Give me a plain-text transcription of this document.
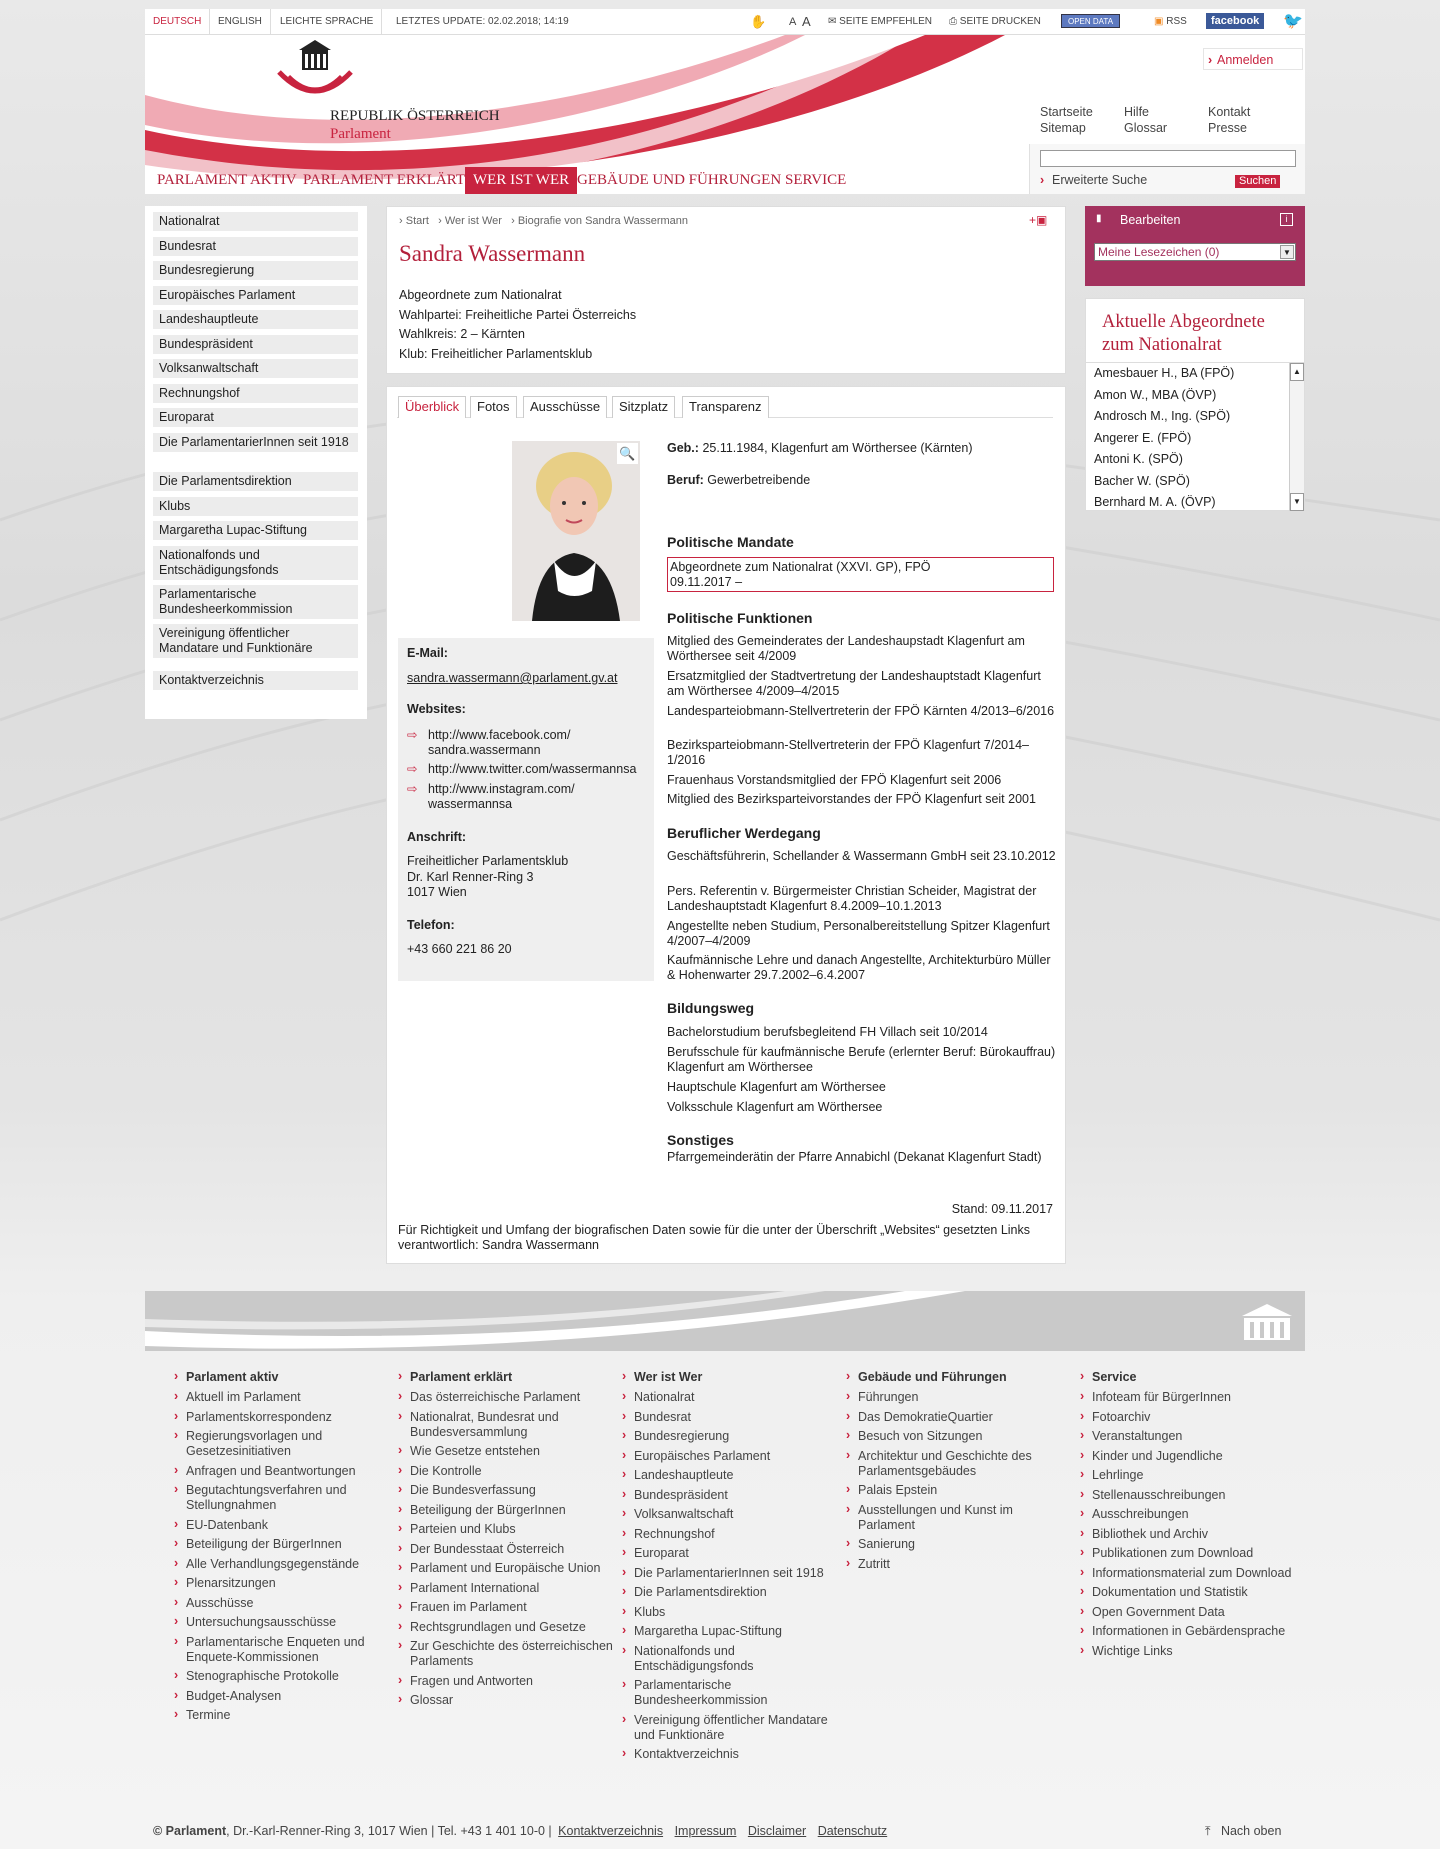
DEUTSCH	ENGLISH	LEICHTE SPRACHE	LETZTES UPDATE: 02.02.2018; 14:19	✋ A A ✉ SEITE EMPFEHLEN ⎙ SEITE DRUCKEN	OPEN DATA	▣ RSS	facebook	🐦
REPUBLIK ÖSTERREICH
Parlament
› Anmelden
Startseite
Sitemap
Hilfe
Glossar
Kontakt
Presse
› Erweiterte Suche	Suchen
PARLAMENT AKTIV PARLAMENT ERKLÄRT WER IST WER GEBÄUDE UND FÜHRUNGEN SERVICE
Nationalrat
Bundesrat
Bundesregierung
Europäisches Parlament
Landeshauptleute
Bundespräsident
Volksanwaltschaft
Rechnungshof
Europarat
Die ParlamentarierInnen seit 1918
Die Parlamentsdirektion
Klubs
Margaretha Lupac-Stiftung
Nationalfonds und Entschädigungsfonds
Parlamentarische Bundesheerkommission
Vereinigung öffentlicher Mandatare und Funktionäre
Kontaktverzeichnis
› Start › Wer ist Wer › Biografie von Sandra Wassermann	+▣
Sandra Wassermann
Abgeordnete zum Nationalrat
Wahlpartei: Freiheitliche Partei Österreichs
Wahlkreis: 2 – Kärnten
Klub: Freiheitlicher Parlamentsklub
Überblick	Fotos	Ausschüsse	Sitzplatz	Transparenz
🔍
E-Mail:
sandra.wassermann@parlament.gv.at
Websites:
⇨ http://www.facebook.com/

sandra.wassermann
⇨ http://www.twitter.com/wassermannsa
⇨ http://www.instagram.com/

wassermannsa
Anschrift:
Freiheitlicher Parlamentsklub
Dr. Karl Renner-Ring 3
1017 Wien
Telefon:
+43 660 221 86 20
Geb.: 25.11.1984, Klagenfurt am Wörthersee (Kärnten)
Beruf: Gewerbetreibende
Politische Mandate
Abgeordnete zum Nationalrat (XXVI. GP), FPÖ
09.11.2017 –
Politische Funktionen
Mitglied des Gemeinderates der Landeshaupstadt Klagenfurt am Wörthersee seit 4/2009
Ersatzmitglied der Stadtvertretung der Landeshauptstadt Klagenfurt am Wörthersee 4/2009–4/2015
Landesparteiobmann-Stellvertreterin der FPÖ Kärnten 4/2013–6/2016
Bezirksparteiobmann-Stellvertreterin der FPÖ Klagenfurt 7/2014–1/2016
Frauenhaus Vorstandsmitglied der FPÖ Klagenfurt seit 2006
Mitglied des Bezirksparteivorstandes der FPÖ Klagenfurt seit 2001
Beruflicher Werdegang
Geschäftsführerin, Schellander & Wassermann GmbH seit 23.10.2012
Pers. Referentin v. Bürgermeister Christian Scheider, Magistrat der Landeshauptstadt Klagenfurt 8.4.2009–10.1.2013
Angestellte neben Studium, Personalbereitstellung Spitzer Klagenfurt 4/2007–4/2009
Kaufmännische Lehre und danach Angestellte, Architekturbüro Müller & Hohenwarter 29.7.2002–6.4.2007
Bildungsweg
Bachelorstudium berufsbegleitend FH Villach seit 10/2014
Berufsschule für kaufmännische Berufe (erlernter Beruf: Bürokauffrau) Klagenfurt am Wörthersee
Hauptschule Klagenfurt am Wörthersee
Volksschule Klagenfurt am Wörthersee
Sonstiges
Pfarrgemeinderätin der Pfarre Annabichl (Dekanat Klagenfurt Stadt)
Stand: 09.11.2017
Für Richtigkeit und Umfang der biografischen Daten sowie für die unter der Überschrift „Websites“ gesetzten Links verantwortlich: Sandra Wassermann
▮ Bearbeiten	i
Meine Lesezeichen (0)	▼
Aktuelle Abgeordnete
zum Nationalrat
Amesbauer H., BA (FPÖ)
Amon W., MBA (ÖVP)
Androsch M., Ing. (SPÖ)
Angerer E. (FPÖ)
Antoni K. (SPÖ)
Bacher W. (SPÖ)
Bernhard M. A. (ÖVP)
▲
▼
› Parlament aktiv
› Aktuell im Parlament
› Parlamentskorrespondenz
› Regierungsvorlagen und Gesetzesinitiativen
› Anfragen und Beantwortungen
› Begutachtungsverfahren und Stellungnahmen
› EU-Datenbank
› Beteiligung der BürgerInnen
› Alle Verhandlungsgegenstände
› Plenarsitzungen
› Ausschüsse
› Untersuchungsausschüsse
› Parlamentarische Enqueten und Enquete-Kommissionen
› Stenographische Protokolle
› Budget-Analysen
› Termine
› Parlament erklärt
› Das österreichische Parlament
› Nationalrat, Bundesrat und Bundesversammlung
› Wie Gesetze entstehen
› Die Kontrolle
› Die Bundesverfassung
› Beteiligung der BürgerInnen
› Parteien und Klubs
› Der Bundesstaat Österreich
› Parlament und Europäische Union
› Parlament International
› Frauen im Parlament
› Rechtsgrundlagen und Gesetze
› Zur Geschichte des österreichischen Parlaments
› Fragen und Antworten
› Glossar
› Wer ist Wer
› Nationalrat
› Bundesrat
› Bundesregierung
› Europäisches Parlament
› Landeshauptleute
› Bundespräsident
› Volksanwaltschaft
› Rechnungshof
› Europarat
› Die ParlamentarierInnen seit 1918
› Die Parlamentsdirektion
› Klubs
› Margaretha Lupac-Stiftung
› Nationalfonds und Entschädigungsfonds
› Parlamentarische Bundesheerkommission
› Vereinigung öffentlicher Mandatare und Funktionäre
› Kontaktverzeichnis
› Gebäude und Führungen
› Führungen
› Das DemokratieQuartier
› Besuch von Sitzungen
› Architektur und Geschichte des Parlamentsgebäudes
› Palais Epstein
› Ausstellungen und Kunst im Parlament
› Sanierung
› Zutritt
› Service
› Infoteam für BürgerInnen
› Fotoarchiv
› Veranstaltungen
› Kinder und Jugendliche
› Lehrlinge
› Stellenausschreibungen
› Ausschreibungen
› Bibliothek und Archiv
› Publikationen zum Download
› Informationsmaterial zum Download
› Dokumentation und Statistik
› Open Government Data
› Informationen in Gebärdensprache
› Wichtige Links
© Parlament, Dr.-Karl-Renner-Ring 3, 1017 Wien | Tel. +43 1 401 10-0 | Kontaktverzeichnis Impressum Disclaimer Datenschutz	⤒ Nach oben
